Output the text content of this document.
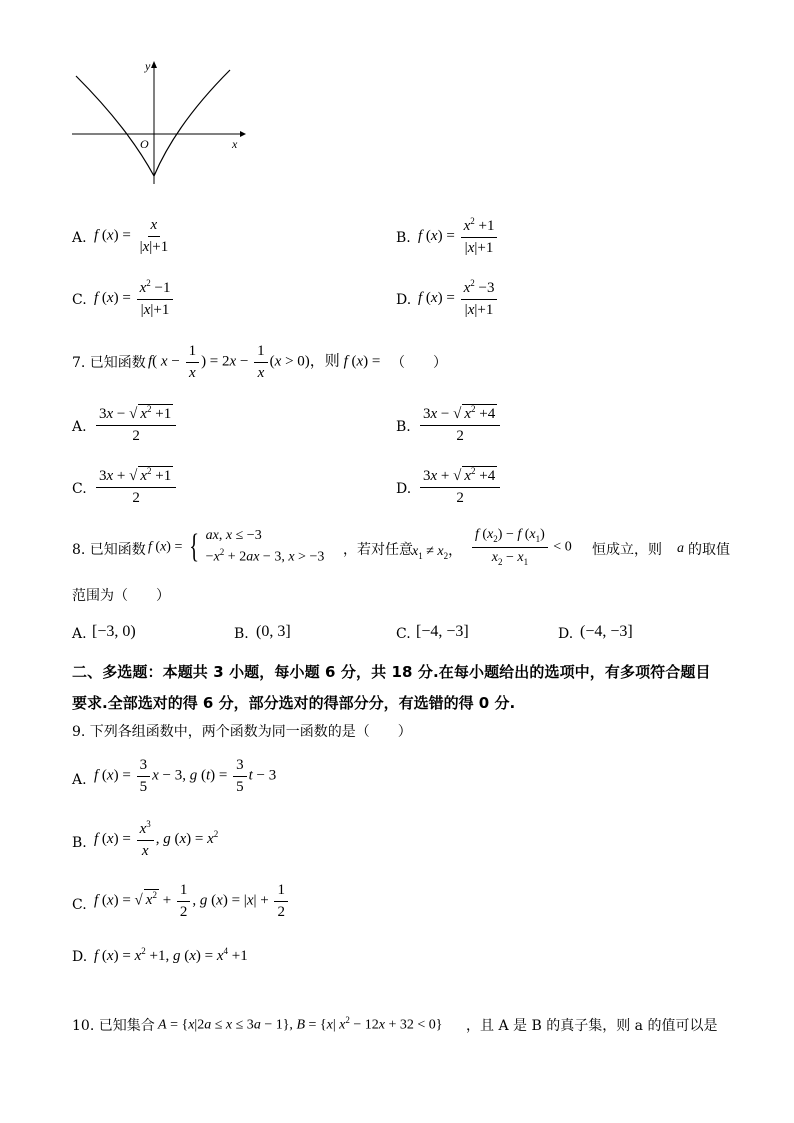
y
x
O
A. f $(x) = \frac{x}{|x|+1}$	B. f $(x) = \frac{x^2 +1}{|x|+1}$
C. f $(x) = \frac{x^2 -1}{|x|+1}$	D. f $(x) = \frac{x^2 -3}{|x|+1}$
7. 已知函数 f( $x - \frac{1}{x}$ ) = $2x - \frac{1}{x} (x > 0)$，则 f (x) = （　　）
A. $\frac{3x - √ x^2 +1}{2}$	B. $\frac{3x - √ x^2 +4}{2}$
C. $\frac{3x + √ x^2 +1}{2}$	D. $\frac{3x + √ x^2 +4}{2}$
8. 已知函数 f (x) = { ax, x ≤ −3
$-x^2 + 2ax - 3$, x > −3 ，若对任意 $x_1 \ne x_2$， $\frac{f (x_2) - f (x_1)}{x_2 - x_1} < 0$ 恒成立，则 a 的取值
范围为（　　）
A. [−3, 0)	B. (0, 3]	C. [−4, −3]	D. (−4, −3]
二、多选题：本题共 3 小题，每小题 6 分，共 18 分.在每小题给出的选项中，有多项符合题目
要求.全部选对的得 6 分，部分选对的得部分分，有选错的得 0 分.
9. 下列各组函数中，两个函数为同一函数的是（　　）
A. f $(x) = \frac{3}{5}$ x − 3, g $(t) = \frac{3}{5}$ t − 3
B. f $(x) = \frac{x^3}{x}$ , g $(x) = x^2$
C. f (x) = √ $x^2 + \frac{1}{2}$ , g $(x) = |x| + \frac{1}{2}$
D. f $(x) = x^2 +1$, g $(x) = x^4 +1$
10. 已知集合 A = {x|2a ≤ x ≤ 3a − 1}, B = {x| $x^2 - 12x + 32 < 0$} ，且 A 是 B 的真子集，则 a 的值可以是
